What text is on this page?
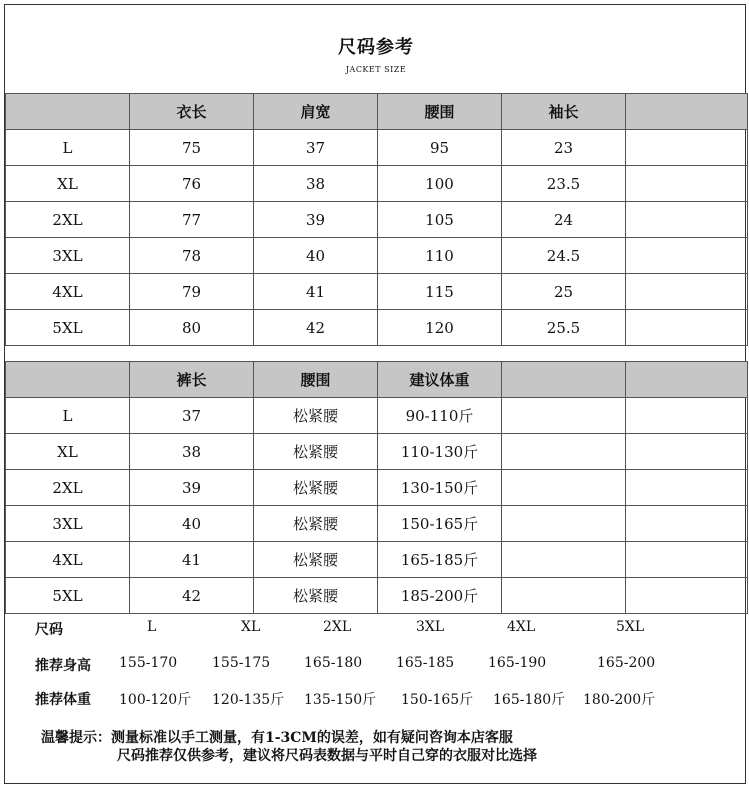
尺码参考
JACKET SIZE
	衣长	肩宽	腰围	袖长	
L	75	37	95	23	
XL	76	38	100	23.5	
2XL	77	39	105	24	
3XL	78	40	110	24.5	
4XL	79	41	115	25	
5XL	80	42	120	25.5	
	裤长	腰围	建议体重		
L	37	松紧腰	90-110斤		
XL	38	松紧腰	110-130斤		
2XL	39	松紧腰	130-150斤		
3XL	40	松紧腰	150-165斤		
4XL	41	松紧腰	165-185斤		
5XL	42	松紧腰	185-200斤		
尺码	L	XL	2XL	3XL	4XL	5XL
推荐身高 155-170 155-175 165-180 165-185 165-190	165-200
推荐体重 100-120斤 120-135斤 135-150斤 150-165斤 165-180斤 180-200斤
温馨提示：测量标准以手工测量，有1-3CM的误差，如有疑问咨询本店客服
尺码推荐仅供参考，建议将尺码表数据与平时自己穿的衣服对比选择
